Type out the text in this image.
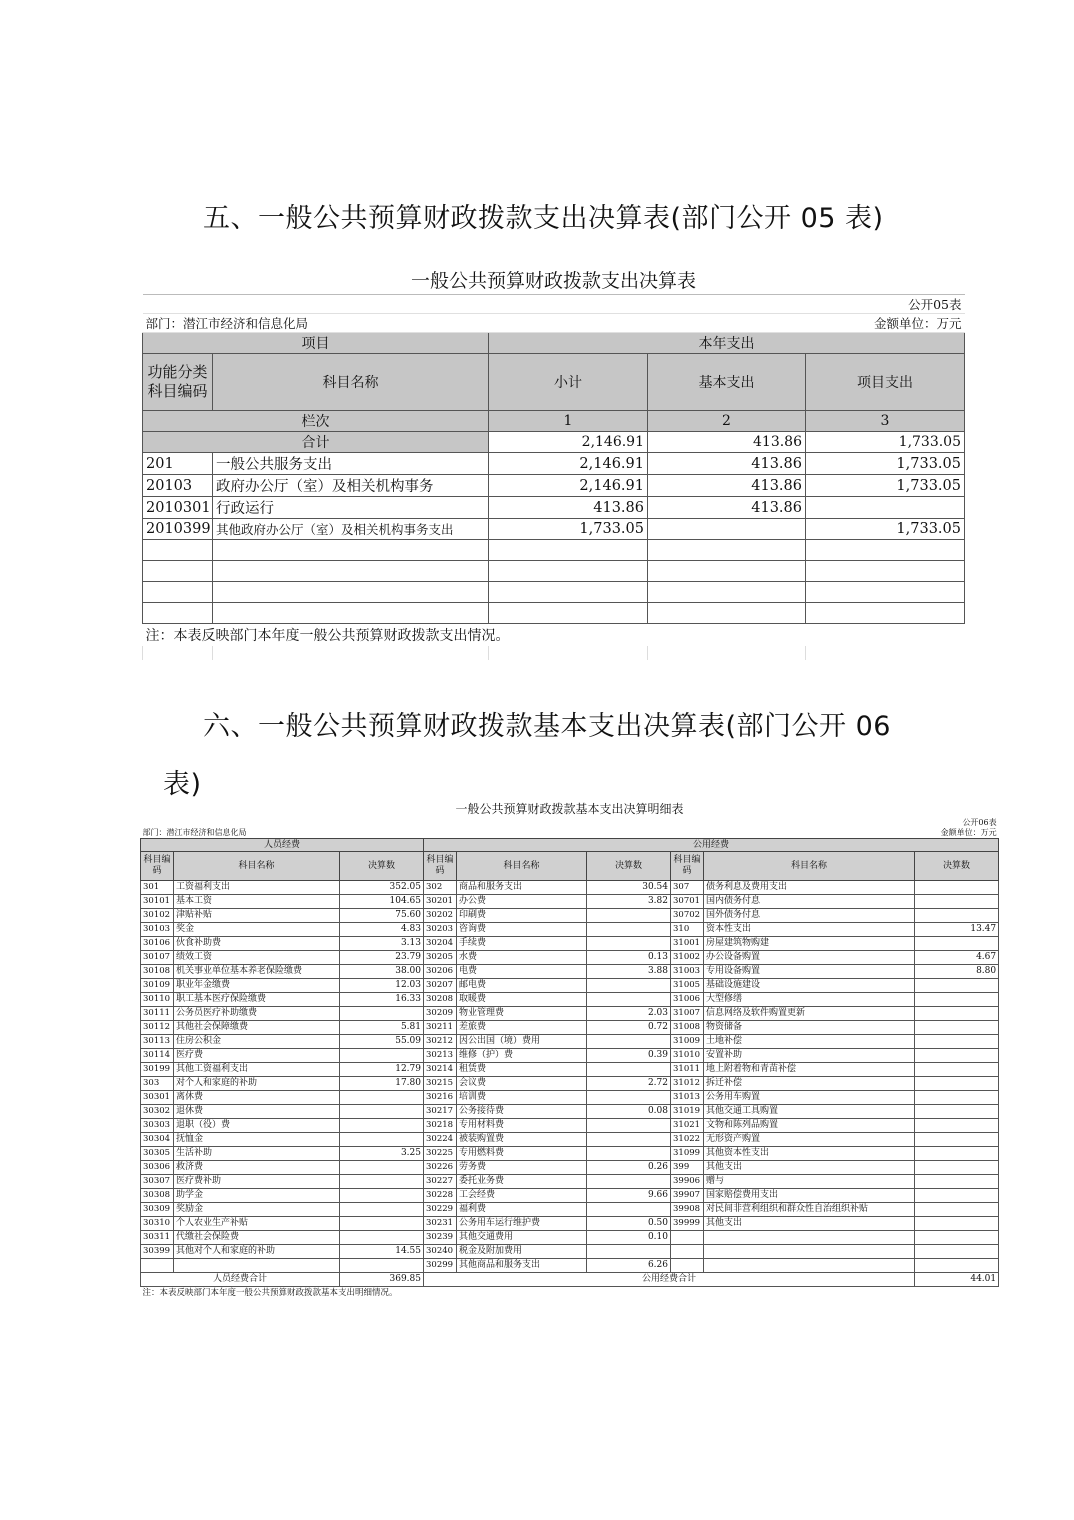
五、一般公共预算财政拨款支出决算表(部门公开 05 表)
一般公共预算财政拨款支出决算表				
				公开05表
部门：潜江市经济和信息化局				金额单位：万元
项目		本年支出		
功能分类科目编码	科目名称	小计	基本支出	项目支出
栏次		1	2	3
合计		2,146.91	413.86	1,733.05
201	一般公共服务支出	2,146.91	413.86	1,733.05
20103	政府办公厅（室）及相关机构事务	2,146.91	413.86	1,733.05
2010301	行政运行	413.86	413.86	
2010399	其他政府办公厅（室）及相关机构事务支出	1,733.05		1,733.05

注：本表反映部门本年度一般公共预算财政拨款支出情况。				

六、一般公共预算财政拨款基本支出决算表(部门公开 06
表)
一般公共预算财政拨款基本支出决算明细表								
								公开06表
部门：潜江市经济和信息化局								金额单位：万元
人员经费			公用经费					
科目编码	科目名称	决算数	科目编码	科目名称	决算数	科目编码	科目名称	决算数
301	工资福利支出	352.05	302	商品和服务支出	30.54	307	债务利息及费用支出	
30101	基本工资	104.65	30201	办公费	3.82	30701	国内债务付息	
30102	津贴补贴	75.60	30202	印刷费		30702	国外债务付息	
30103	奖金	4.83	30203	咨询费		310	资本性支出	13.47
30106	伙食补助费	3.13	30204	手续费		31001	房屋建筑物购建	
30107	绩效工资	23.79	30205	水费	0.13	31002	办公设备购置	4.67
30108	机关事业单位基本养老保险缴费	38.00	30206	电费	3.88	31003	专用设备购置	8.80
30109	职业年金缴费	12.03	30207	邮电费		31005	基础设施建设	
30110	职工基本医疗保险缴费	16.33	30208	取暖费		31006	大型修缮	
30111	公务员医疗补助缴费		30209	物业管理费	2.03	31007	信息网络及软件购置更新	
30112	其他社会保障缴费	5.81	30211	差旅费	0.72	31008	物资储备	
30113	住房公积金	55.09	30212	因公出国（境）费用		31009	土地补偿	
30114	医疗费		30213	维修（护）费	0.39	31010	安置补助	
30199	其他工资福利支出	12.79	30214	租赁费		31011	地上附着物和青苗补偿	
303	对个人和家庭的补助	17.80	30215	会议费	2.72	31012	拆迁补偿	
30301	离休费		30216	培训费		31013	公务用车购置	
30302	退休费		30217	公务接待费	0.08	31019	其他交通工具购置	
30303	退职（役）费		30218	专用材料费		31021	文物和陈列品购置	
30304	抚恤金		30224	被装购置费		31022	无形资产购置	
30305	生活补助	3.25	30225	专用燃料费		31099	其他资本性支出	
30306	救济费		30226	劳务费	0.26	399	其他支出	
30307	医疗费补助		30227	委托业务费		39906	赠与	
30308	助学金		30228	工会经费	9.66	39907	国家赔偿费用支出	
30309	奖励金		30229	福利费		39908	对民间非营利组织和群众性自治组织补贴	
30310	个人农业生产补贴		30231	公务用车运行维护费	0.50	39999	其他支出	
30311	代缴社会保险费		30239	其他交通费用	0.10			
30399	其他对个人和家庭的补助	14.55	30240	税金及附加费用				
			30299	其他商品和服务支出	6.26			
人员经费合计		369.85	公用经费合计					44.01
注：本表反映部门本年度一般公共预算财政拨款基本支出明细情况。								
